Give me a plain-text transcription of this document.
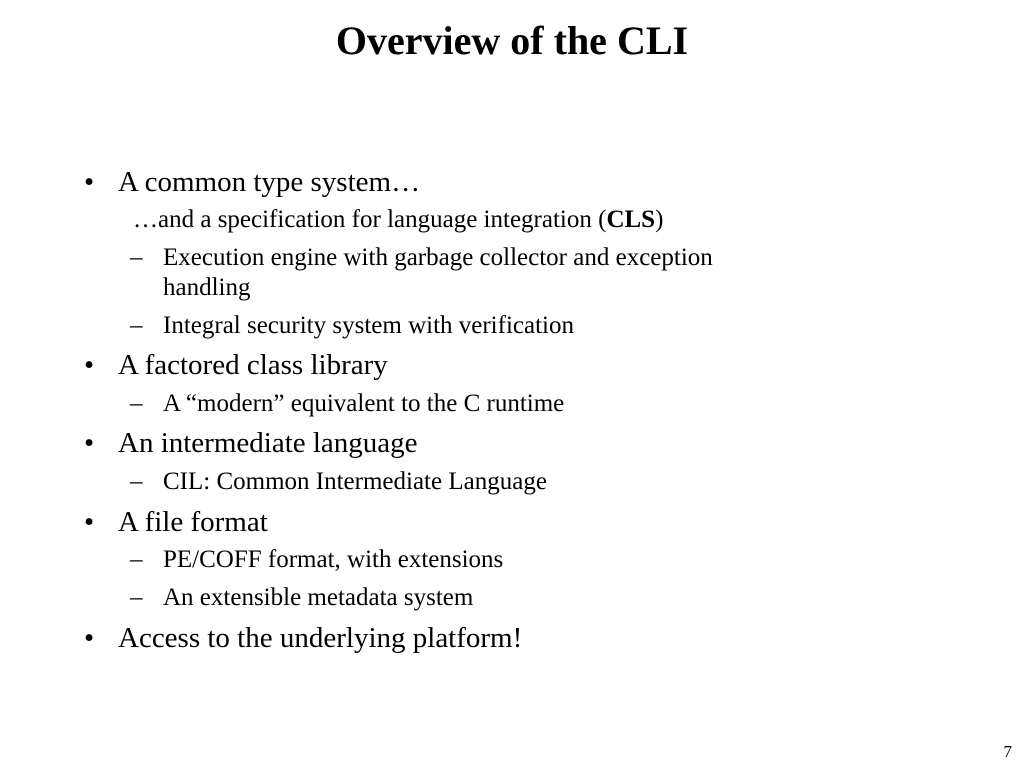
Overview of the CLI
• A common type system…
…and a specification for language integration (CLS)
– Execution engine with garbage collector and exception
handling
– Integral security system with verification
• A factored class library
– A “modern” equivalent to the C runtime
• An intermediate language
– CIL: Common Intermediate Language
• A file format
– PE/COFF format, with extensions
– An extensible metadata system
• Access to the underlying platform!
7
